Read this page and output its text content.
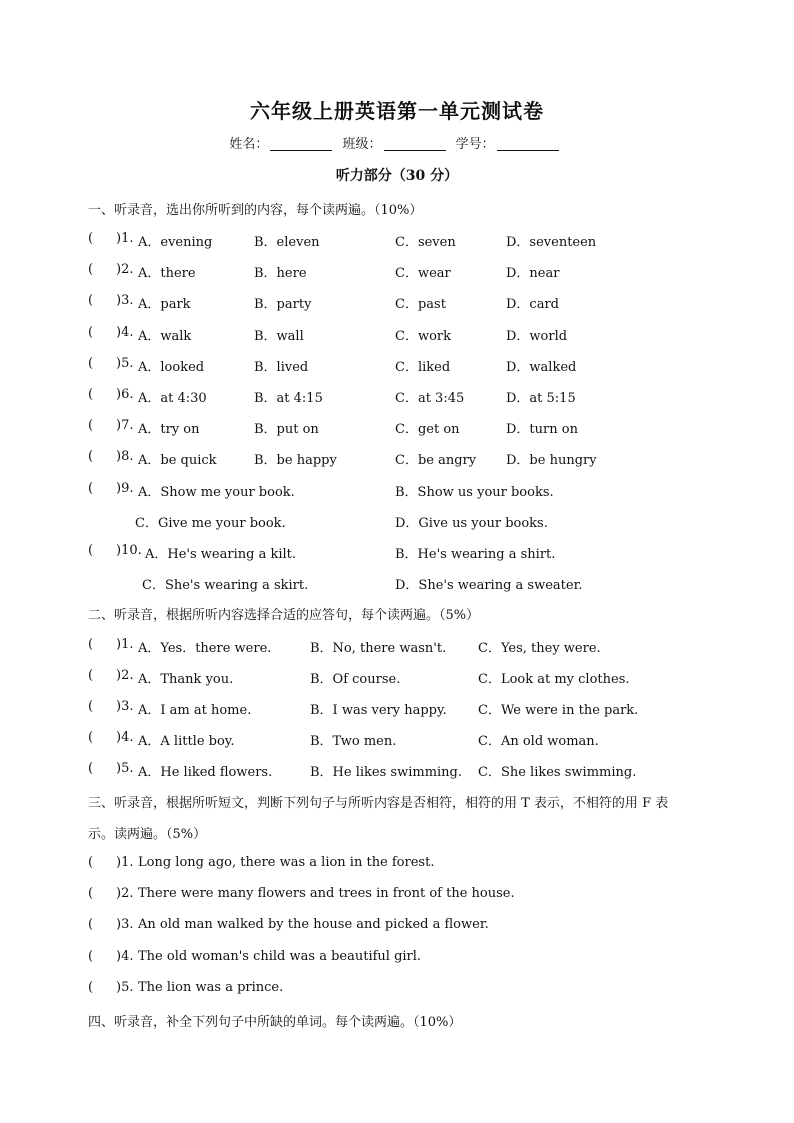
六年级上册英语第一单元测试卷
姓名：	班级：	学号：
听力部分（30 分）
一、听录音，选出你所听到的内容，每个读两遍。（10%）
( )1. A．evening	B．eleven	C．seven	D．seventeen
( )2. A．there	B．here	C．wear	D．near
( )3. A．park	B．party	C．past	D．card
( )4. A．walk	B．wall	C．work	D．world
( )5. A．looked	B．lived	C．liked	D．walked
( )6. A．at 4:30	B．at 4:15	C．at 3:45	D．at 5:15
( )7. A．try on	B．put on	C．get on	D．turn on
( )8. A．be quick	B．be happy	C．be angry D．be hungry
( )9. A．Show me your book.	B．Show us your books.
C．Give me your book.	D．Give us your books.
( )10. A．He's wearing a kilt.	B．He's wearing a shirt.
C．She's wearing a skirt.	D．She's wearing a sweater.
二、听录音，根据所听内容选择合适的应答句，每个读两遍。（5%）
( )1. A．Yes．there were.	B．No, there wasn't. C．Yes, they were.
( )2. A．Thank you.	B．Of course.	C．Look at my clothes.
( )3. A．I am at home.	B．I was very happy. C．We were in the park.
( )4. A．A little boy.	B．Two men.	C．An old woman.
( )5. A．He liked flowers.	B．He likes swimming. C．She likes swimming.
三、听录音，根据所听短文，判断下列句子与所听内容是否相符，相符的用 T 表示，不相符的用 F 表
示。读两遍。（5%）
( )1. Long long ago, there was a lion in the forest.
( )2. There were many flowers and trees in front of the house.
( )3. An old man walked by the house and picked a flower.
( )4. The old woman's child was a beautiful girl.
( )5. The lion was a prince.
四、听录音，补全下列句子中所缺的单词。每个读两遍。（10%）
